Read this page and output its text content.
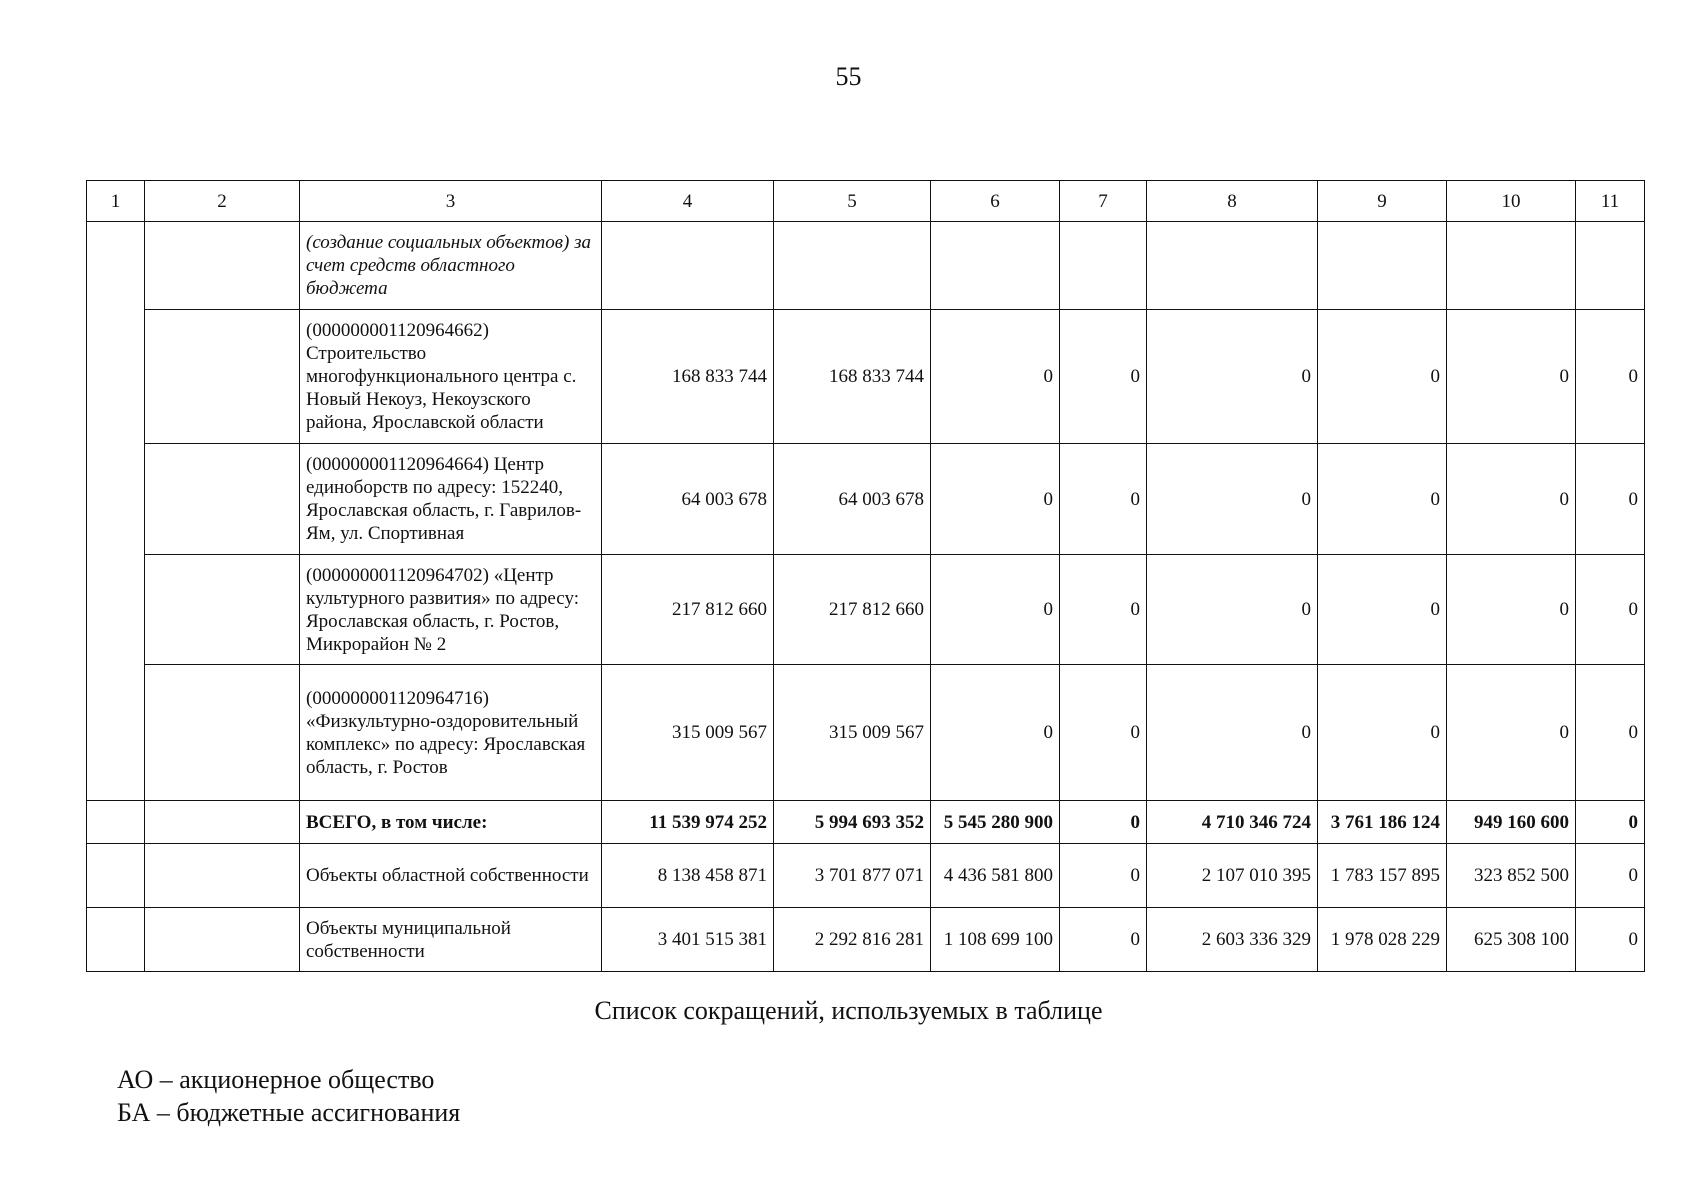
55
1	2	3	4	5	6	7	8	9	10	11
		(создание социальных объектов) за счет средств областного бюджета								
		(000000001120964662) Строительство многофункционального центра с. Новый Некоуз, Некоузского района, Ярославской области	168 833 744	168 833 744	0	0	0	0	0	0
		(000000001120964664) Центр единоборств по адресу: 152240, Ярославская область, г. Гаврилов-Ям, ул. Спортивная	64 003 678	64 003 678	0	0	0	0	0	0
		(000000001120964702) «Центр культурного развития» по адресу: Ярославская область, г. Ростов, Микрорайон № 2	217 812 660	217 812 660	0	0	0	0	0	0
		(000000001120964716) «Физкультурно-оздоровительный комплекс» по адресу: Ярославская область, г. Ростов	315 009 567	315 009 567	0	0	0	0	0	0
		ВСЕГО, в том числе:	11 539 974 252	5 994 693 352	5 545 280 900	0	4 710 346 724	3 761 186 124	949 160 600	0
		Объекты областной собственности	8 138 458 871	3 701 877 071	4 436 581 800	0	2 107 010 395	1 783 157 895	323 852 500	0
		Объекты муниципальной собственности	3 401 515 381	2 292 816 281	1 108 699 100	0	2 603 336 329	1 978 028 229	625 308 100	0
Список сокращений, используемых в таблице
АО – акционерное общество
БА – бюджетные ассигнования
